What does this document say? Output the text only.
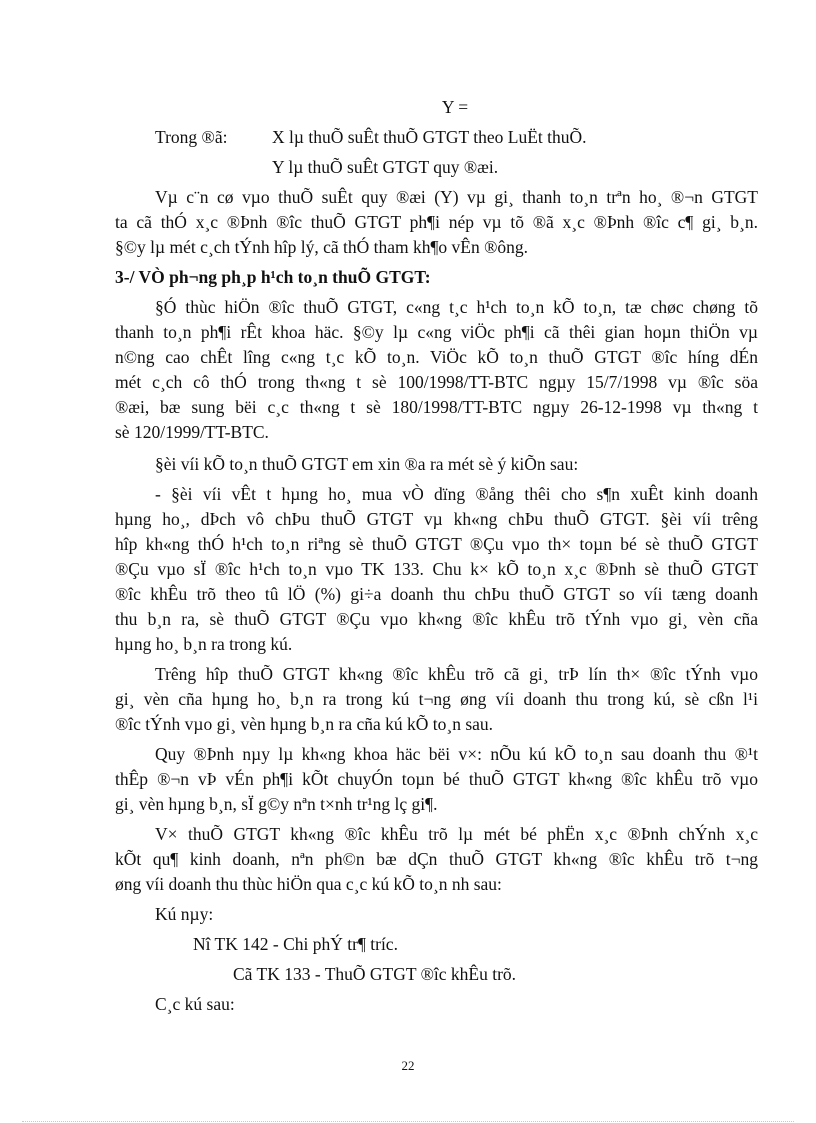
Y =
Trong ®ã:	X lµ thuÕ suÊt thuÕ GTGT theo LuËt thuÕ.
Y lµ thuÕ suÊt GTGT quy ®æi.
Vµ c¨n cø vµo thuÕ suÊt quy ®æi (Y) vµ gi¸ thanh to¸n trªn ho¸ ®¬n GTGT
ta cã thÓ x¸c ®Þnh ®îc thuÕ GTGT ph¶i nép vµ tõ ®ã x¸c ®Þnh ®îc c¶ gi¸ b¸n.
§©y lµ mét c¸ch tÝnh hîp lý, cã thÓ tham kh¶o vÊn ®ông.
3-/ VÒ ph¬ng ph¸p h¹ch to¸n thuÕ GTGT:
§Ó thùc hiÖn ®îc thuÕ GTGT, c«ng t¸c h¹ch to¸n kÕ to¸n, tæ chøc chøng tõ
thanh to¸n ph¶i rÊt khoa häc. §©y lµ c«ng viÖc ph¶i cã thêi gian hoµn thiÖn vµ
n©ng cao chÊt lîng c«ng t¸c kÕ to¸n. ViÖc kÕ to¸n thuÕ GTGT ®îc híng dÉn
mét c¸ch cô thÓ trong th«ng t sè 100/1998/TT-BTC ngµy 15/7/1998 vµ ®îc söa
®æi, bæ sung bëi c¸c th«ng t sè 180/1998/TT-BTC ngµy 26-12-1998 vµ th«ng t
sè 120/1999/TT-BTC.
§èi víi kÕ to¸n thuÕ GTGT em xin ®a ra mét sè ý kiÕn sau:
- §èi víi vÊt t hµng ho¸ mua vÒ dïng ®ång thêi cho s¶n xuÊt kinh doanh
hµng ho¸, dÞch vô chÞu thuÕ GTGT vµ kh«ng chÞu thuÕ GTGT. §èi víi trêng
hîp kh«ng thÓ h¹ch to¸n riªng sè thuÕ GTGT ®Çu vµo th× toµn bé sè thuÕ GTGT
®Çu vµo sÏ ®îc h¹ch to¸n vµo TK 133. Chu k× kÕ to¸n x¸c ®Þnh sè thuÕ GTGT
®îc khÊu trõ theo tû lÖ (%) gi÷a doanh thu chÞu thuÕ GTGT so víi tæng doanh
thu b¸n ra, sè thuÕ GTGT ®Çu vµo kh«ng ®îc khÊu trõ tÝnh vµo gi¸ vèn cña
hµng ho¸ b¸n ra trong kú.
Trêng hîp thuÕ GTGT kh«ng ®îc khÊu trõ cã gi¸ trÞ lín th× ®îc tÝnh vµo
gi¸ vèn cña hµng ho¸ b¸n ra trong kú t¬ng øng víi doanh thu trong kú, sè cßn l¹i
®îc tÝnh vµo gi¸ vèn hµng b¸n ra cña kú kÕ to¸n sau.
Quy ®Þnh nµy lµ kh«ng khoa häc bëi v×: nÕu kú kÕ to¸n sau doanh thu ®¹t
thÊp ®¬n vÞ vÉn ph¶i kÕt chuyÓn toµn bé thuÕ GTGT kh«ng ®îc khÊu trõ vµo
gi¸ vèn hµng b¸n, sÏ g©y nªn t×nh tr¹ng lç gi¶.
V× thuÕ GTGT kh«ng ®îc khÊu trõ lµ mét bé phËn x¸c ®Þnh chÝnh x¸c
kÕt qu¶ kinh doanh, nªn ph©n bæ dÇn thuÕ GTGT kh«ng ®îc khÊu trõ t¬ng
øng víi doanh thu thùc hiÖn qua c¸c kú kÕ to¸n nh sau:
Kú nµy:
Nî TK 142 - Chi phÝ tr¶ tríc.
Cã TK 133 - ThuÕ GTGT ®îc khÊu trõ.
C¸c kú sau:
22
